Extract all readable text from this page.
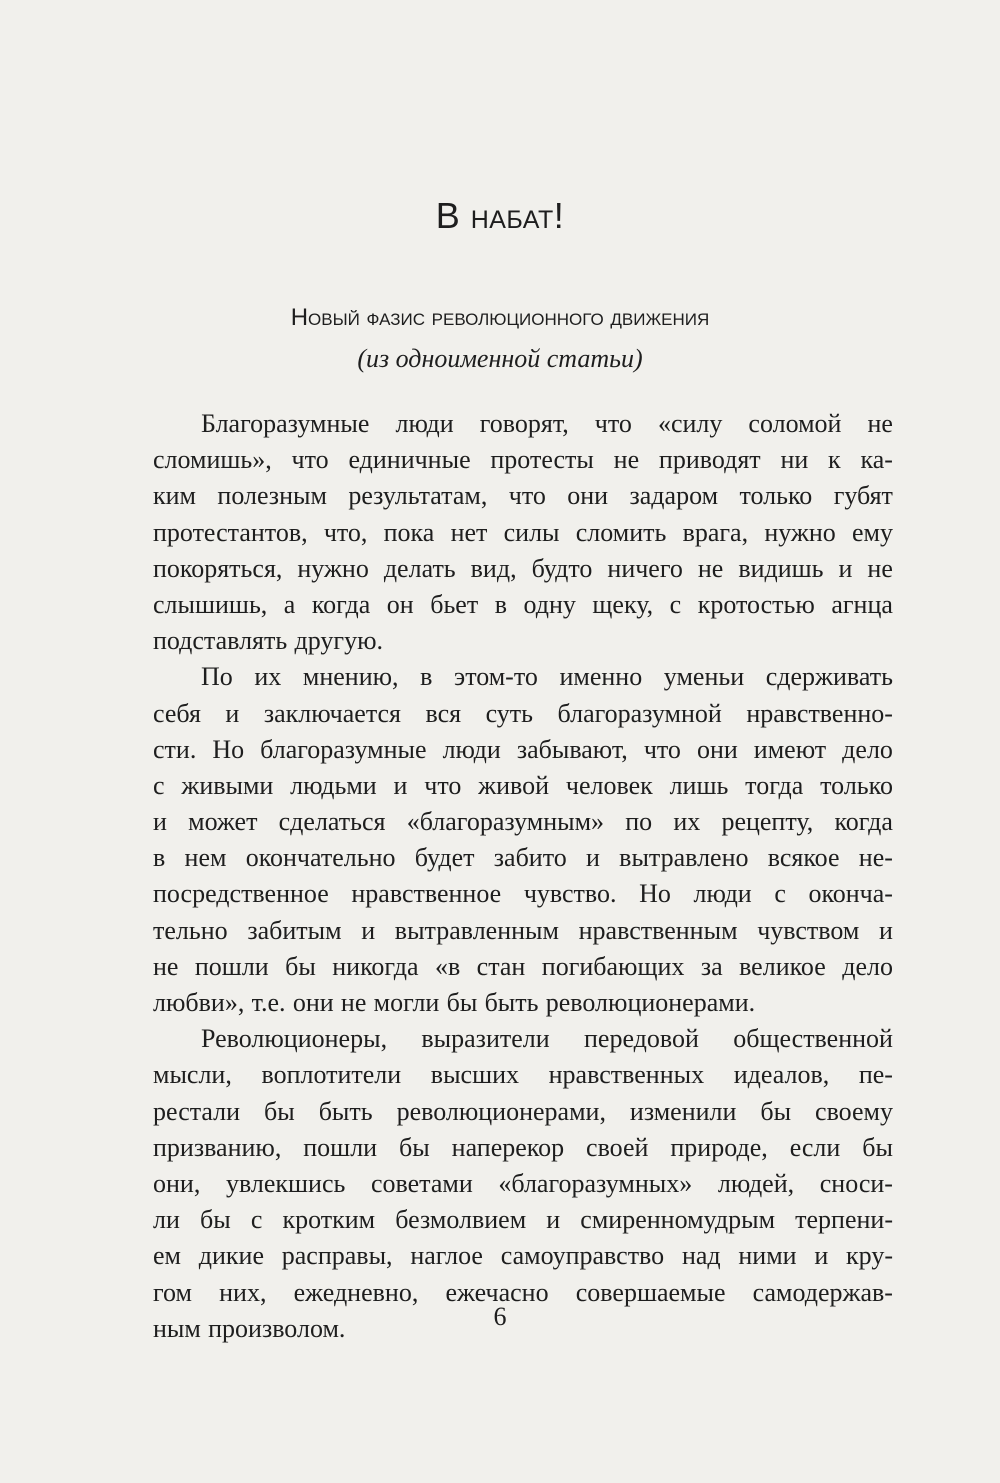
В набат!
Новый фазис революционного движения
(из одноименной статьи)
Благоразумные люди говорят, что «силу соломой не
сломишь», что единичные протесты не приводят ни к ка-
ким полезным результатам, что они задаром только губят
протестантов, что, пока нет силы сломить врага, нужно ему
покоряться, нужно делать вид, будто ничего не видишь и не
слышишь, а когда он бьет в одну щеку, с кротостью агнца
подставлять другую.
По их мнению, в этом-то именно уменьи сдерживать
себя и заключается вся суть благоразумной нравственно-
сти. Но благоразумные люди забывают, что они имеют дело
с живыми людьми и что живой человек лишь тогда только
и может сделаться «благоразумным» по их рецепту, когда
в нем окончательно будет забито и вытравлено всякое не-
посредственное нравственное чувство. Но люди с оконча-
тельно забитым и вытравленным нравственным чувством и
не пошли бы никогда «в стан погибающих за великое дело
любви», т.е. они не могли бы быть революционерами.
Революционеры, выразители передовой общественной
мысли, воплотители высших нравственных идеалов, пе-
рестали бы быть революционерами, изменили бы своему
призванию, пошли бы наперекор своей природе, если бы
они, увлекшись советами «благоразумных» людей, сноси-
ли бы с кротким безмолвием и смиренномудрым терпени-
ем дикие расправы, наглое самоуправство над ними и кру-
гом них, ежедневно, ежечасно совершаемые самодержав-
ным произволом.	6
